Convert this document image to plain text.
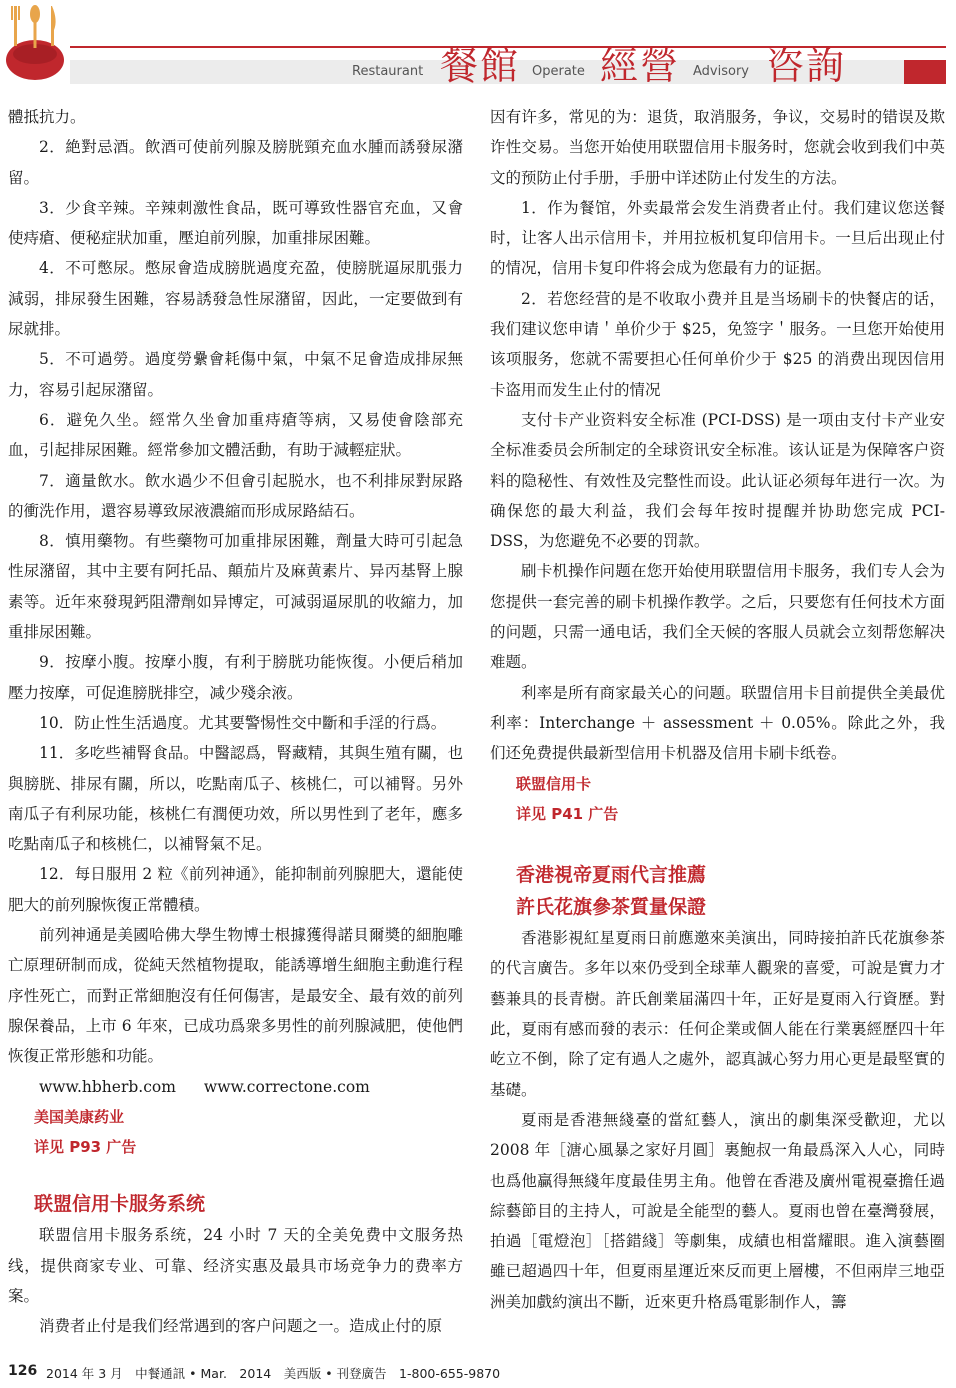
Restaurant 餐館 Operate 經營 Advisory 咨詢

體抵抗力。

2．絶對忌酒。飲酒可使前列腺及膀胱頸充血水腫而誘發尿潴留。

3．少食辛辣。辛辣刺激性食品，既可導致性器官充血，又會使痔瘡、便秘症狀加重，壓迫前列腺，加重排尿困難。

4．不可憋尿。憋尿會造成膀胱過度充盈，使膀胱逼尿肌張力減弱，排尿發生困難，容易誘發急性尿潴留，因此，一定要做到有尿就排。

5．不可過勞。過度勞纍會耗傷中氣，中氣不足會造成排尿無力，容易引起尿潴留。

6．避免久坐。經常久坐會加重痔瘡等病，又易使會陰部充血，引起排尿困難。經常參加文體活動，有助于減輕症狀。

7．適量飲水。飲水過少不但會引起脱水，也不利排尿對尿路的衝洗作用，還容易導致尿液濃縮而形成尿路結石。

8．慎用藥物。有些藥物可加重排尿困難，劑量大時可引起急性尿潴留，其中主要有阿托品、顛茄片及麻黄素片、异丙基腎上腺素等。近年來發現鈣阻滯劑如异博定，可減弱逼尿肌的收縮力，加重排尿困難。

9．按摩小腹。按摩小腹，有利于膀胱功能恢復。小便后稍加壓力按摩，可促進膀胱排空，减少殘余液。

10．防止性生活過度。尤其要警惕性交中斷和手淫的行爲。

11．多吃些補腎食品。中醫認爲，腎藏精，其與生殖有關，也與膀胱、排尿有關，所以，吃點南瓜子、核桃仁，可以補腎。另外南瓜子有利尿功能，核桃仁有潤便功效，所以男性到了老年，應多吃點南瓜子和核桃仁，以補腎氣不足。

12．每日服用 2 粒《前列神通》，能抑制前列腺肥大，還能使肥大的前列腺恢復正常體積。

前列神通是美國哈佛大學生物博士根據獲得諾貝爾奬的細胞雕亡原理研制而成，從純天然植物提取，能誘導增生細胞主動進行程序性死亡，而對正常細胞沒有任何傷害，是最安全、最有效的前列腺保養品，上市 6 年來，已成功爲衆多男性的前列腺減肥，使他們恢復正常形態和功能。

www.hbherb.com www.correctone.com

美国美康药业

详见 P93 广告

联盟信用卡服务系统

联盟信用卡服务系统，24 小时 7 天的全美免费中文服务热线，提供商家专业、可靠、经济实惠及最具市场竞争力的费率方案。

消费者止付是我们经常遇到的客户问题之一。造成止付的原

因有许多，常见的为：退货，取消服务，争议，交易时的错误及欺诈性交易。当您开始使用联盟信用卡服务时，您就会收到我们中英文的预防止付手册，手册中详述防止付发生的方法。

1．作为餐馆，外卖最常会发生消费者止付。我们建议您送餐时，让客人出示信用卡，并用拉板机复印信用卡。一旦后出现止付的情况，信用卡复印件将会成为您最有力的证据。

2．若您经营的是不收取小费并且是当场刷卡的快餐店的话，我们建议您申请＇单价少于 $25，免签字＇服务。一旦您开始使用该项服务，您就不需要担心任何单价少于 $25 的消费出现因信用卡盗用而发生止付的情况

支付卡产业资料安全标准 (PCI-DSS) 是一项由支付卡产业安全标准委员会所制定的全球资讯安全标准。该认证是为保障客户资料的隐秘性、有效性及完整性而设。此认证必须每年进行一次。为确保您的最大利益，我们会每年按时提醒并协助您完成 PCI-DSS，为您避免不必要的罚款。

刷卡机操作问题在您开始使用联盟信用卡服务，我们专人会为您提供一套完善的刷卡机操作教学。之后，只要您有任何技术方面的问题，只需一通电话，我们全天候的客服人员就会立刻帮您解决难题。

利率是所有商家最关心的问题。联盟信用卡目前提供全美最优利率：Interchange ＋ assessment ＋ 0.05%。除此之外，我们还免费提供最新型信用卡机器及信用卡刷卡纸卷。

联盟信用卡

详见 P41 广告

香港視帝夏雨代言推薦

許氏花旗參茶質量保證

香港影視紅星夏雨日前應邀來美演出，同時接拍許氏花旗參茶的代言廣告。多年以來仍受到全球華人觀衆的喜愛，可說是實力才藝兼具的長青樹。許氏創業届滿四十年，正好是夏雨入行資歷。對此，夏雨有感而發的表示：任何企業或個人能在行業裏經歷四十年屹立不倒，除了定有過人之處外，認真誠心努力用心更是最堅實的基礎。

夏雨是香港無綫臺的當紅藝人，演出的劇集深受歡迎，尤以 2008 年［溏心風暴之家好月圓］裏鮑叔一角最爲深入人心，同時也爲他贏得無綫年度最佳男主角。他曾在香港及廣州電視臺擔任過綜藝節目的主持人，可說是全能型的藝人。夏雨也曾在臺灣發展，拍過［電燈泡］［搭錯綫］等劇集，成績也相當耀眼。進入演藝圈雖已超過四十年，但夏雨星運近來反而更上層樓，不但兩岸三地亞洲美加戲約演出不斷，近來更升格爲電影制作人，籌

126 2014 年 3 月　中餐通訊 • Mar.　2014　美西版 • 刊登廣告　1-800-655-9870
